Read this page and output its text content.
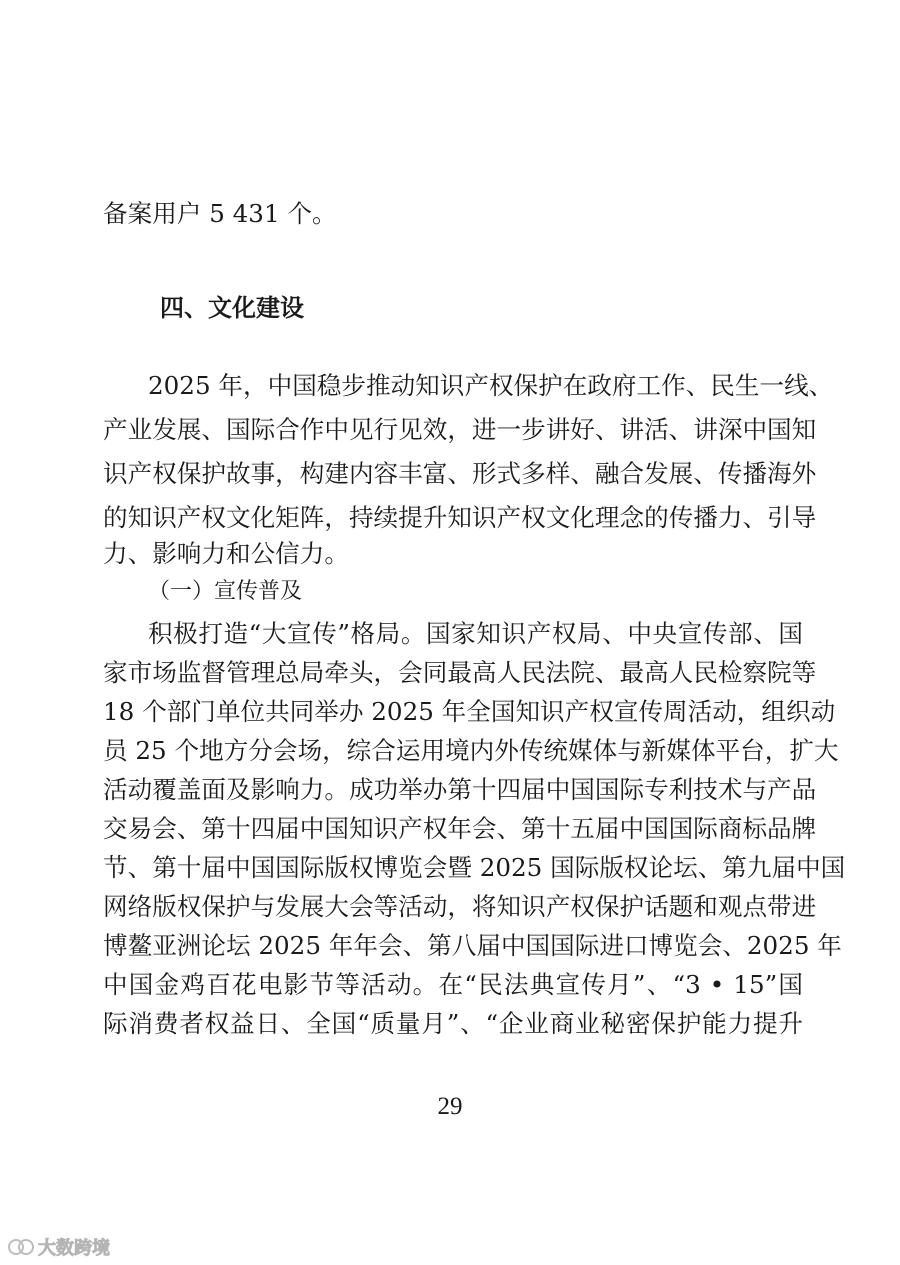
备案用户 5 431 个。
四、文化建设
2025 年，中国稳步推动知识产权保护在政府工作、民生一线、
产业发展、国际合作中见行见效，进一步讲好、讲活、讲深中国知
识产权保护故事，构建内容丰富、形式多样、融合发展、传播海外
的知识产权文化矩阵，持续提升知识产权文化理念的传播力、引导
力、影响力和公信力。
（一）宣传普及
积极打造“大宣传”格局。国家知识产权局、中央宣传部、国
家市场监督管理总局牵头，会同最高人民法院、最高人民检察院等
18 个部门单位共同举办 2025 年全国知识产权宣传周活动，组织动
员 25 个地方分会场，综合运用境内外传统媒体与新媒体平台，扩大
活动覆盖面及影响力。成功举办第十四届中国国际专利技术与产品
交易会、第十四届中国知识产权年会、第十五届中国国际商标品牌
节、第十届中国国际版权博览会暨 2025 国际版权论坛、第九届中国
网络版权保护与发展大会等活动，将知识产权保护话题和观点带进
博鳌亚洲论坛 2025 年年会、第八届中国国际进口博览会、2025 年
中国金鸡百花电影节等活动。在“民法典宣传月”、“3 • 15”国
际消费者权益日、全国“质量月”、“企业商业秘密保护能力提升
29
大数跨境
